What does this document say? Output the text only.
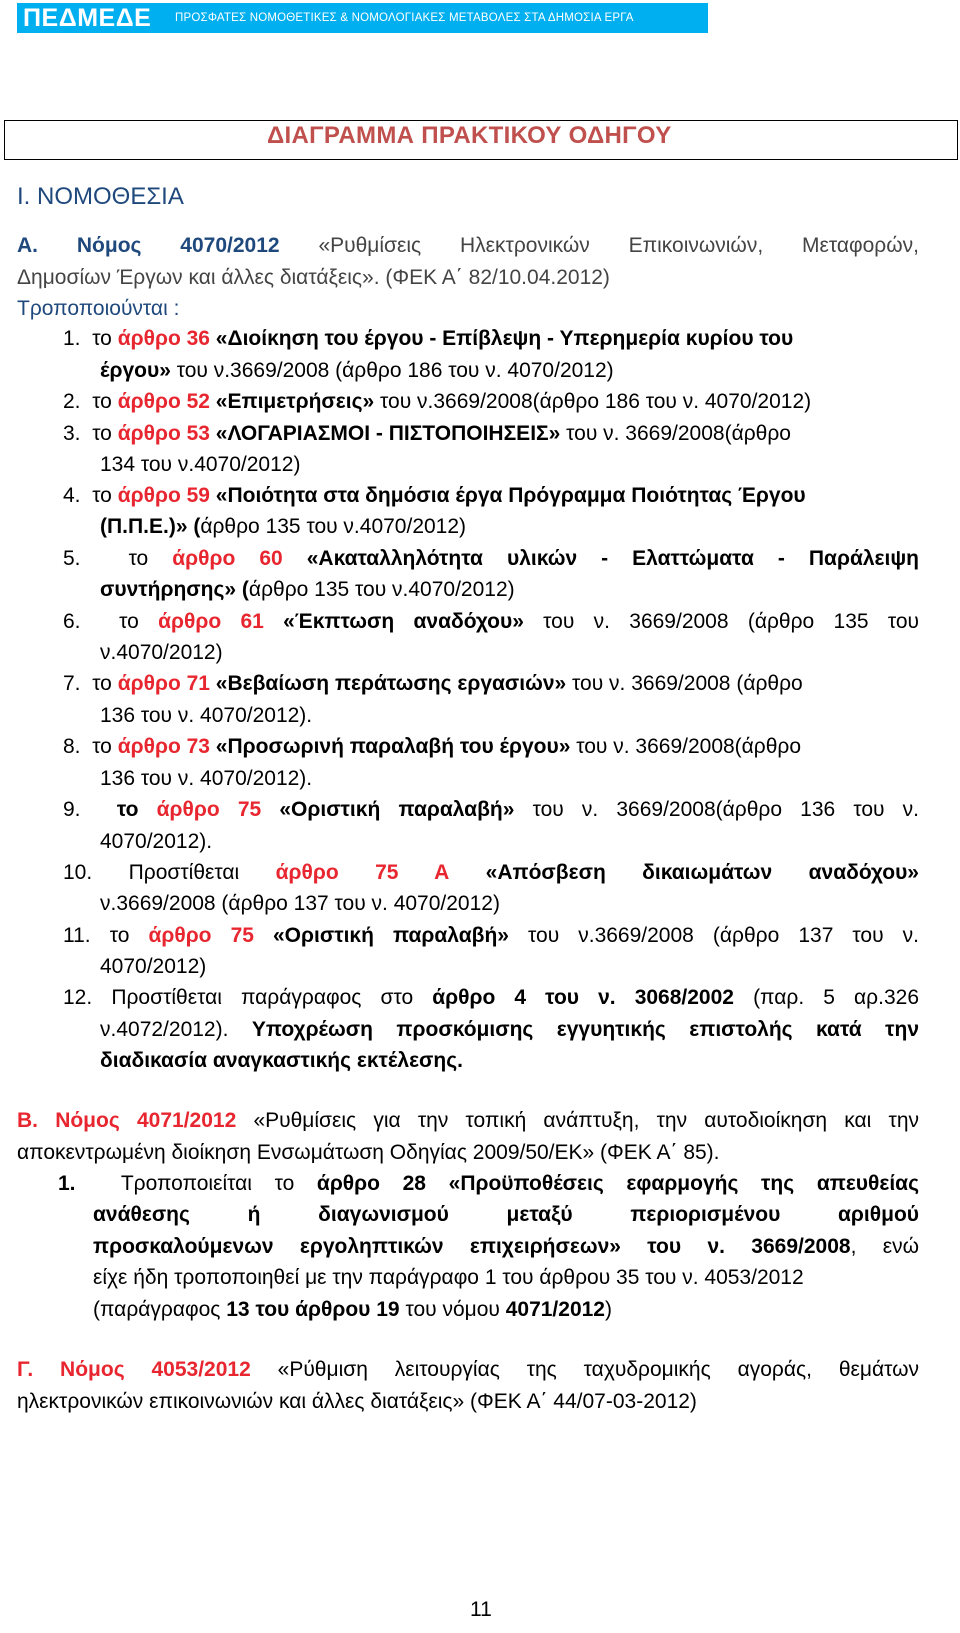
ΠΕΔΜΕΔΕ	ΠΡΟΣΦΑΤΕΣ ΝΟΜΟΘΕΤΙΚΕΣ & ΝΟΜΟΛΟΓΙΑΚΕΣ ΜΕΤΑΒΟΛΕΣ ΣΤΑ ΔΗΜΟΣΙΑ ΕΡΓΑ
ΔΙΑΓΡΑΜΜΑ ΠΡΑΚΤΙΚΟΥ ΟΔΗΓΟΥ
Ι. ΝΟΜΟΘΕΣΙΑ
Α. Νόμος 4070/2012 «Ρυθμίσεις Ηλεκτρονικών Επικοινωνιών, Μεταφορών,
Δημοσίων Έργων και άλλες διατάξεις». (ΦΕΚ Α΄ 82/10.04.2012)
Τροποποιούνται :
1. το άρθρο 36 «Διοίκηση του έργου - Επίβλεψη - Υπερημερία κυρίου του
έργου» του ν.3669/2008 (άρθρο 186 του ν. 4070/2012)
2. το άρθρο 52 «Επιμετρήσεις» του ν.3669/2008(άρθρο 186 του ν. 4070/2012)
3. το άρθρο 53 «ΛΟΓΑΡΙΑΣΜΟΙ - ΠΙΣΤΟΠΟΙΗΣΕΙΣ» του ν. 3669/2008(άρθρο
134 του ν.4070/2012)
4. το άρθρο 59 «Ποιότητα στα δημόσια έργα Πρόγραμμα Ποιότητας Έργου
(Π.Π.Ε.)» (άρθρο 135 του ν.4070/2012)
5. το άρθρο 60 «Ακαταλληλότητα υλικών - Ελαττώματα - Παράλειψη
συντήρησης» (άρθρο 135 του ν.4070/2012)
6. το άρθρο 61 «Έκπτωση αναδόχου» του ν. 3669/2008 (άρθρο 135 του
ν.4070/2012)
7. το άρθρο 71 «Βεβαίωση περάτωσης εργασιών» του ν. 3669/2008 (άρθρο
136 του ν. 4070/2012).
8. το άρθρο 73 «Προσωρινή παραλαβή του έργου» του ν. 3669/2008(άρθρο
136 του ν. 4070/2012).
9. το άρθρο 75 «Οριστική παραλαβή» του ν. 3669/2008(άρθρο 136 του ν.
4070/2012).
10. Προστίθεται άρθρο 75 Α «Απόσβεση δικαιωμάτων αναδόχου»
ν.3669/2008 (άρθρο 137 του ν. 4070/2012)
11. το άρθρο 75 «Οριστική παραλαβή» του ν.3669/2008 (άρθρο 137 του ν.
4070/2012)
12. Προστίθεται παράγραφος στο άρθρο 4 του ν. 3068/2002 (παρ. 5 αρ.326
ν.4072/2012). Υποχρέωση προσκόμισης εγγυητικής επιστολής κατά την
διαδικασία αναγκαστικής εκτέλεσης.
Β. Νόμος 4071/2012 «Ρυθμίσεις για την τοπική ανάπτυξη, την αυτοδιοίκηση και την
αποκεντρωμένη διοίκηση Ενσωμάτωση Οδηγίας 2009/50/ΕΚ» (ΦΕΚ Α΄ 85).
1. Τροποποιείται το άρθρο 28 «Προϋποθέσεις εφαρμογής της απευθείας
ανάθεσης ή διαγωνισμού μεταξύ περιορισμένου αριθμού
προσκαλούμενων εργοληπτικών επιχειρήσεων» του ν. 3669/2008, ενώ
είχε ήδη τροποποιηθεί με την παράγραφο 1 του άρθρου 35 του ν. 4053/2012
(παράγραφος 13 του άρθρου 19 του νόμου 4071/2012)
Γ. Νόμος 4053/2012 «Ρύθμιση λειτουργίας της ταχυδρομικής αγοράς, θεμάτων
ηλεκτρονικών επικοινωνιών και άλλες διατάξεις» (ΦΕΚ Α΄ 44/07-03-2012)
11
